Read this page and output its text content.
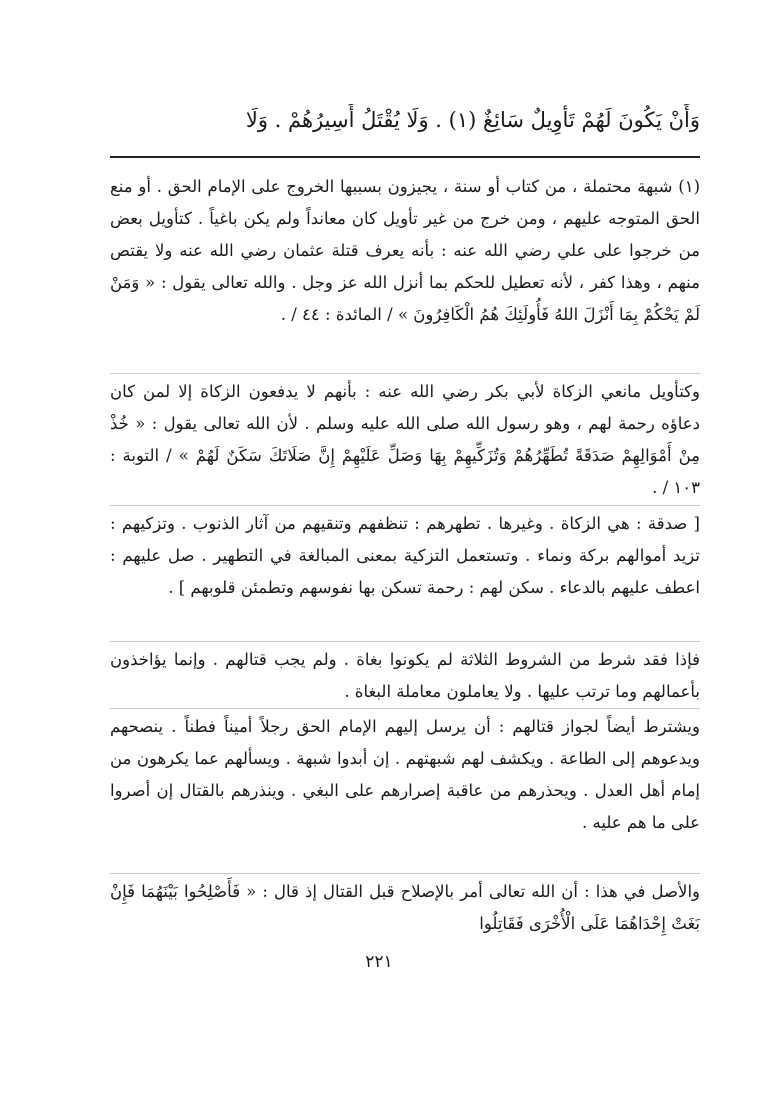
وَأَنْ يَكُونَ لَهُمْ تَأْوِيلٌ سَائِغٌ (١) . وَلَا يُقْتَلُ أَسِيرُهُمْ . وَلَا
(١) شبهة محتملة ، من كتاب أو سنة ، يجيزون بسببها الخروج على الإمام الحق . أو منع الحق المتوجه عليهم ، ومن خرج من غير تأويل كان معانداً ولم يكن باغياً . كتأويل بعض من خرجوا على علي رضي الله عنه : بأنه يعرف قتلة عثمان رضي الله عنه ولا يقتص منهم ، وهذا كفر ، لأنه تعطيل للحكم بما أنزل الله عز وجل . والله تعالى يقول : « وَمَنْ لَمْ يَحْكُمْ بِمَا أَنْزَلَ اللهُ فَأُولَئِكَ هُمُ الْكَافِرُونَ » / المائدة : ٤٤ / .
وكتأويل مانعي الزكاة لأبي بكر رضي الله عنه : بأنهم لا يدفعون الزكاة إلا لمن كان دعاؤه رحمة لهم ، وهو رسول الله صلى الله عليه وسلم . لأن الله تعالى يقول : « خُذْ مِنْ أَمْوَالِهِمْ صَدَقَةً تُطَهِّرُهُمْ وَتُزَكِّيهِمْ بِهَا وَصَلِّ عَلَيْهِمْ إِنَّ صَلَاتَكَ سَكَنٌ لَهُمْ » / التوبة : ١٠٣ / .
[ صدقة : هي الزكاة . وغيرها . تطهرهم : تنظفهم وتنقيهم من آثار الذنوب . وتزكيهم : تزيد أموالهم بركة ونماء . وتستعمل التزكية بمعنى المبالغة في التطهير . صل عليهم : اعطف عليهم بالدعاء . سكن لهم : رحمة تسكن بها نفوسهم وتطمئن قلوبهم ] .
فإذا فقد شرط من الشروط الثلاثة لم يكونوا بغاة . ولم يجب قتالهم . وإنما يؤاخذون بأعمالهم وما ترتب عليها . ولا يعاملون معاملة البغاة .
ويشترط أيضاً لجواز قتالهم : أن يرسل إليهم الإمام الحق رجلاً أميناً فطناً . ينصحهم ويدعوهم إلى الطاعة . ويكشف لهم شبهتهم . إن أبدوا شبهة . ويسألهم عما يكرهون من إمام أهل العدل . ويحذرهم من عاقبة إصرارهم على البغي . وينذرهم بالقتال إن أصروا على ما هم عليه .
والأصل في هذا : أن الله تعالى أمر بالإصلاح قبل القتال إذ قال : « فَأَصْلِحُوا بَيْنَهُمَا فَإِنْ بَغَتْ إِحْدَاهُمَا عَلَى الْأُخْرَى فَقَاتِلُوا
٢٢١
